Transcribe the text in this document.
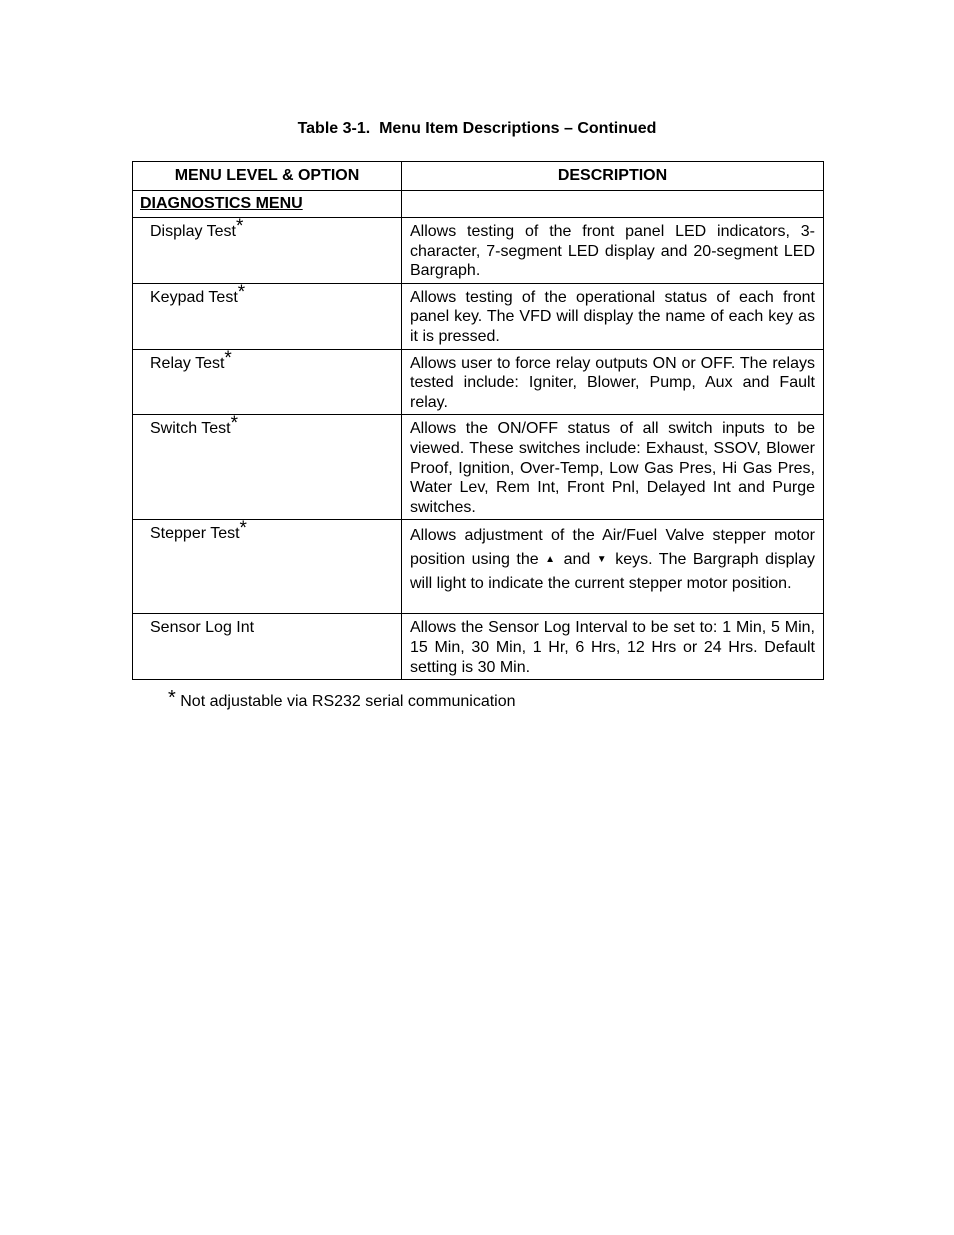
Table 3-1.  Menu Item Descriptions – Continued
MENU LEVEL & OPTION	DESCRIPTION
DIAGNOSTICS MENU	
Display Test*	Allows testing of the front panel LED indicators, 3-character, 7-segment LED display and 20-segment LED Bargraph.
Keypad Test*	Allows testing of the operational status of each front panel key. The VFD will display the name of each key as it is pressed.
Relay Test*	Allows user to force relay outputs ON or OFF. The relays tested include: Igniter, Blower, Pump, Aux and Fault relay.
Switch Test*	Allows the ON/OFF status of all switch inputs to be viewed. These switches include: Exhaust, SSOV, Blower Proof, Ignition, Over-Temp, Low Gas Pres, Hi Gas Pres, Water Lev, Rem Int, Front Pnl, Delayed Int and Purge switches.
Stepper Test*	Allows adjustment of the Air/Fuel Valve stepper motor position using the ▲ and ▼ keys. The Bargraph display will light to indicate the current stepper motor position.
Sensor Log Int	Allows the Sensor Log Interval to be set to: 1 Min, 5 Min, 15 Min, 30 Min, 1 Hr, 6 Hrs, 12 Hrs or 24 Hrs. Default setting is 30 Min.
* Not adjustable via RS232 serial communication
